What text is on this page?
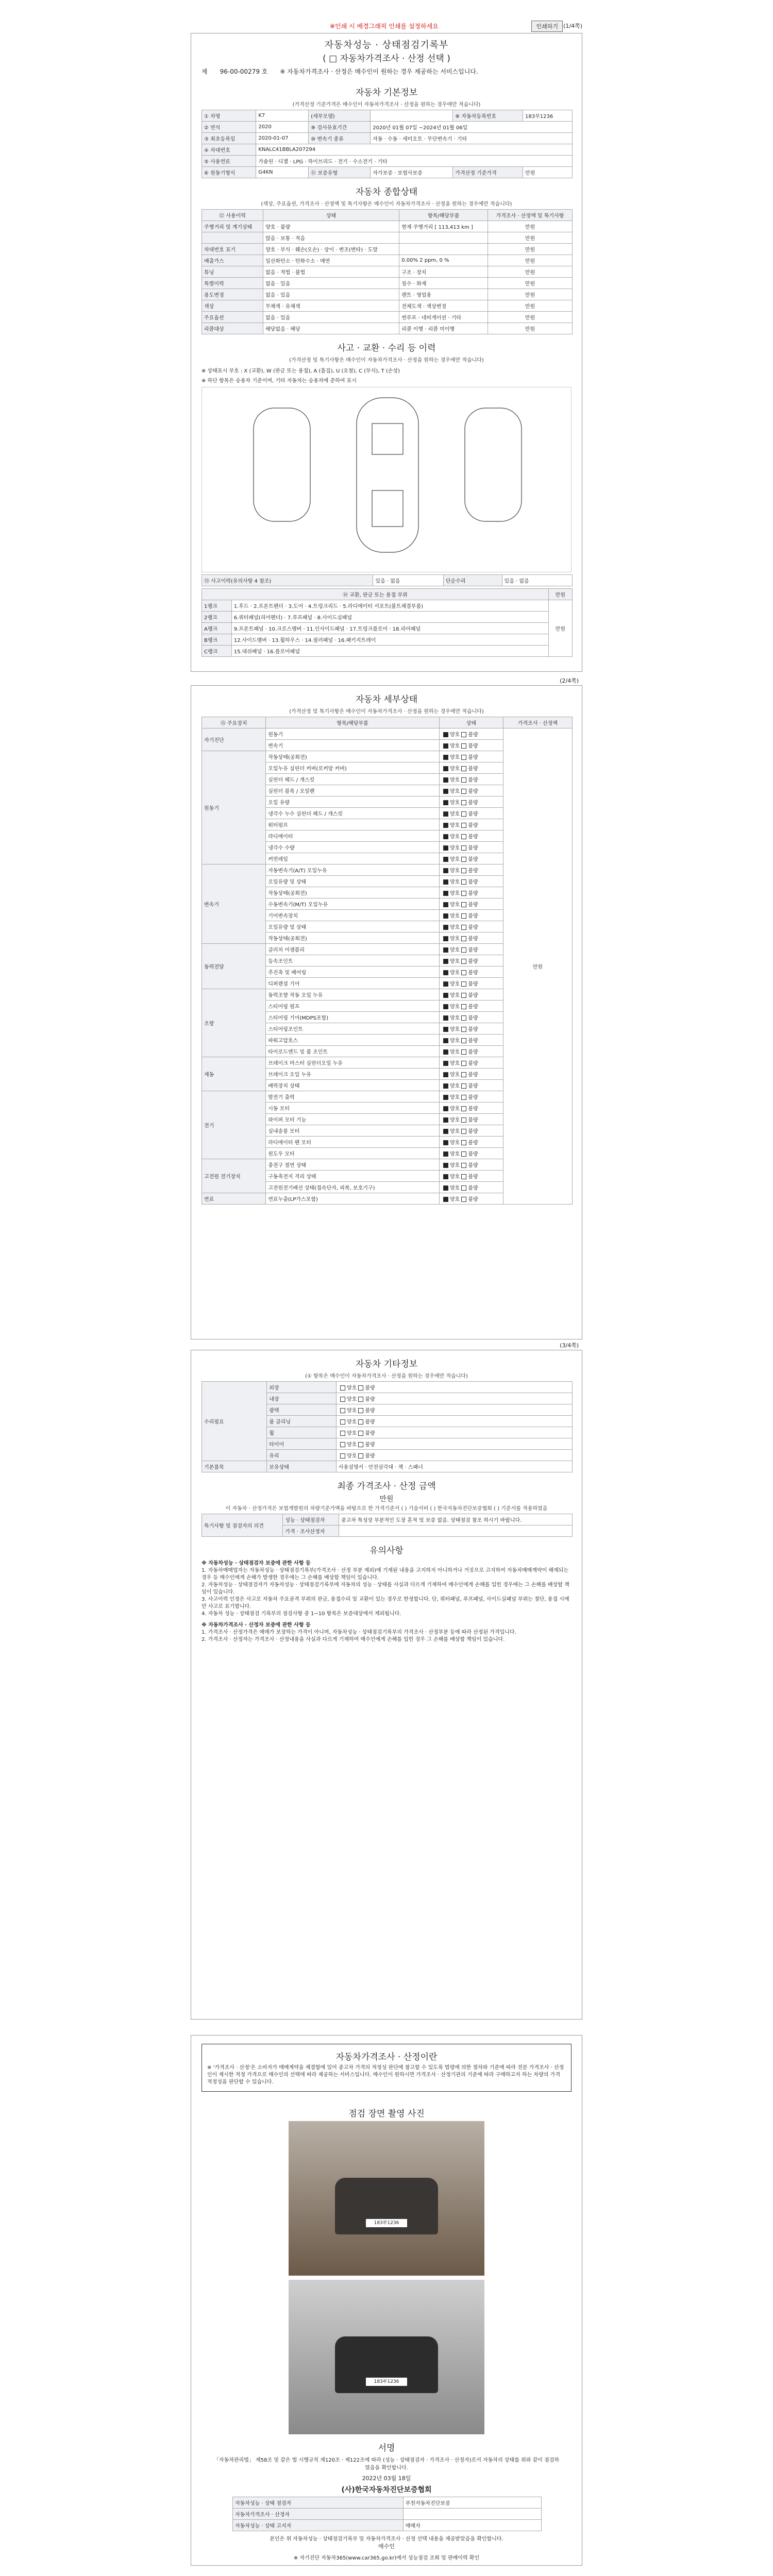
※인쇄 시 배경그래픽 인쇄를 설정하세요	인쇄하기 (1/4쪽)
자동차성능 · 상태점검기록부
( □ 자동차가격조사 · 산정 선택 )
제 96-00-00279 호 ※ 자동차가격조사 · 산정은 매수인이 원하는 경우 제공하는 서비스입니다.
자동차 기본정보
(가격산정 기준가격은 매수인이 자동차가격조사 · 산정을 원하는 경우에만 적습니다)
① 차명	K7	(세부모델)		⑧ 자동차등록번호	183부1236
② 연식	2020	⑨ 검사유효기간	2020년 01월 07일 ~2024년 01월 06일		
③ 최초등록일	2020-01-07	⑩ 변속기 종류	자동 · 수동 · 세미오토 · 무단변속기 · 기타		
④ 차대번호	KNALC41BBLA207294				
⑤ 사용연료	가솔린 · 디젤 · LPG · 하이브리드 · 전기 · 수소전기 · 기타				
⑥ 원동기형식	G4KN	⑪ 보증유형	자가보증 · 보험사보증	가격산정 기준가격	만원
자동차 종합상태
(색상, 주요옵션, 가격조사 · 산정액 및 특기사항은 매수인이 자동차가격조사 · 산정을 원하는 경우에만 적습니다)
⑫ 사용이력	상태	항목/해당부품	가격조사 · 산정액 및 특기사항
주행거리 및 계기상태	양호 · 불량	현재 주행거리 [ 113,413 km ]	만원
	많음 · 보통 · 적음		만원
차대번호 표기	양호 · 부식 · 훼손(오손) · 상이 · 변조(변타) · 도말		만원
배출가스	일산화탄소 · 탄화수소 · 매연	0.00% 2 ppm, 0 %	만원
튜닝	없음 · 적법 · 불법	구조 · 장치	만원
특별이력	없음 · 있음	침수 · 화재	만원
용도변경	없음 · 있음	렌트 · 영업용	만원
색상	무채색 · 유채색	전체도색 · 색상변경	만원
주요옵션	없음 · 있음	썬루프 · 네비게이션 · 기타	만원
리콜대상	해당없음 · 해당	리콜 이행 · 리콜 미이행	만원
사고 · 교환 · 수리 등 이력
(가격산정 및 특기사항은 매수인이 자동차가격조사 · 산정을 원하는 경우에만 적습니다)
※ 상태표시 부호 : X (교환), W (판금 또는 용접), A (흠집), U (요철), C (부식), T (손상)
※ 하단 항목은 승용차 기준이며, 기타 자동차는 승용차에 준하여 표시
⑬ 사고이력(유의사항 4 참조)	있음 · 없음	단순수리	있음 · 없음
⑭ 교환, 판금 또는 용접 부위		만원
1랭크	1.후드 · 2.프론트펜더 · 3.도어 · 4.트렁크리드 · 5.라디에이터 서포트(볼트체결부품)	만원
2랭크	6.쿼터패널(리어펜더) · 7.루프패널 · 8.사이드실패널	
A랭크	9.프론트패널 · 10.크로스멤버 · 11.인사이드패널 · 17.트렁크플로어 · 18.리어패널	
B랭크	12.사이드멤버 · 13.휠하우스 · 14.필러패널 · 16.패키지트레이	
C랭크	15.대쉬패널 · 16.플로어패널	
(2/4쪽)
자동차 세부상태
(가격산정 및 특기사항은 매수인이 자동차가격조사 · 산정을 원하는 경우에만 적습니다)
⑮ 주요장치	항목/해당부품	상태	가격조사 · 산정액
자기진단	원동기	양호 불량	만원
	변속기	양호 불량	
원동기	작동상태(공회전)	양호 불량	
	오일누유 실린더 커버(로커암 커버)	양호 불량	
	실린더 헤드 / 개스킷	양호 불량	
	실린더 블록 / 오일팬	양호 불량	
	오일 유량	양호 불량	
	냉각수 누수 실린더 헤드 / 개스킷	양호 불량	
	워터펌프	양호 불량	
	라디에이터	양호 불량	
	냉각수 수량	양호 불량	
	커먼레일	양호 불량	
변속기	자동변속기(A/T) 오일누유	양호 불량	
	오일유량 및 상태	양호 불량	
	작동상태(공회전)	양호 불량	
	수동변속기(M/T) 오일누유	양호 불량	
	기어변속장치	양호 불량	
	오일유량 및 상태	양호 불량	
	작동상태(공회전)	양호 불량	
동력전달	클러치 어셈블리	양호 불량	
	등속조인트	양호 불량	
	추진축 및 베어링	양호 불량	
	디퍼렌셜 기어	양호 불량	
조향	동력조향 작동 오일 누유	양호 불량	
	스티어링 펌프	양호 불량	
	스티어링 기어(MDPS포함)	양호 불량	
	스티어링조인트	양호 불량	
	파워고압호스	양호 불량	
	타이로드엔드 및 볼 조인트	양호 불량	
제동	브레이크 마스터 실린더오일 누유	양호 불량	
	브레이크 오일 누유	양호 불량	
	배력장치 상태	양호 불량	
전기	발전기 출력	양호 불량	
	시동 모터	양호 불량	
	와이퍼 모터 기능	양호 불량	
	실내송풍 모터	양호 불량	
	라디에이터 팬 모터	양호 불량	
	윈도우 모터	양호 불량	
고전원 전기장치	충전구 절연 상태	양호 불량	
	구동축전지 격리 상태	양호 불량	
	고전원전기배선 상태(접속단자, 피복, 보호기구)	양호 불량	
연료	연료누출(LP가스포함)	양호 불량	
(3/4쪽)
자동차 기타정보
(① 항목은 매수인이 자동차가격조사 · 산정을 원하는 경우에만 적습니다)
수리필요	외장	양호 불량
	내장	양호 불량
	광택	양호 불량
	룸 클리닝	양호 불량
	휠	양호 불량
	타이어	양호 불량
	유리	양호 불량
기본품목	보유상태	사용설명서 · 안전삼각대 · 잭 · 스패너
최종 가격조사 · 산정 금액
만원
이 자동차 · 산정가격은 보험개발원의 차량기준가액을 바탕으로 한 가격기준서 ( ) 기술서비 ( ) 한국자동차진단보증협회 ( ) 기준서를 적용하였음
특기사항 및 점검자의 의견	성능 · 상태점검자	중고차 특성상 부분적인 도장 흔적 및 보증 없음. 상태점검 참조 하시기 바랍니다.
	가격 · 조사산정자	
유의사항

※ 자동차성능 · 상태점검자 보증에 관한 사항 등

1. 자동차매매업자는 자동차성능 · 상태점검기록부(가격조사 · 산정 부분 제외)에 기재된 내용을 고지하지 아니하거나 거짓으로 고지하여 자동차매매계약이 해제되는 경우 등 매수인에게 손해가 발생한 경우에는 그 손해를 배상할 책임이 있습니다.

2. 자동차성능 · 상태점검자가 자동차성능 · 상태점검기록부에 자동차의 성능 · 상태를 사실과 다르게 기재하여 매수인에게 손해를 입힌 경우에는 그 손해를 배상할 책임이 있습니다.

3. 사고이력 인정은 사고로 자동차 주요골격 부위의 판금, 용접수리 및 교환이 있는 경우로 한정합니다. 단, 쿼터패널, 루프패널, 사이드실패널 부위는 절단, 용접 시에만 사고로 표기합니다.

4. 자동차 성능 · 상태점검 기록부의 점검사항 중 1~10 항목은 보증대상에서 제외됩니다.

※ 자동차가격조사 · 산정자 보증에 관한 사항 등

1. 가격조사 · 산정가격은 매매가 보장하는 가격이 아니며, 자동차성능 · 상태점검기록부의 가격조사 · 산정부분 등에 따라 산정된 가격입니다.

2. 가격조사 · 산정자는 가격조사 · 산정내용을 사실과 다르게 기재하여 매수인에게 손해를 입힌 경우 그 손해를 배상할 책임이 있습니다.

자동차가격조사 · 산정이란

※ '가격조사 · 산정'은 소비자가 매매계약을 체결함에 있어 중고차 가격의 적정성 판단에 참고할 수 있도록 법령에 의한 절차와 기준에 따라 전문 가격조사 · 산정인이 제시한 적정 가격으로 매수인의 선택에 따라 제공하는 서비스입니다. 매수인이 원하시면 가격조사 · 산정기관의 기준에 따라 구매하고자 하는 차량의 가격 적정성을 판단할 수 있습니다.

점검 장면 촬영 사진
183부1236
183부1236
서명

「자동차관리법」 제58조 및 같은 법 시행규칙 제120조 · 제122조에 따라 (성능 · 상태점검자 · 가격조사 · 산정자)로서 자동차의 상태를 위와 같이 점검하였음을 확인합니다.

2022년 03월 18일

(사)한국자동차진단보증협회

자동차성능 · 상태 점검자	부천자동차진단보증
자동차가격조사 · 산정자	
자동차성능 · 상태 고지자	매매자

본인은 위 자동차성능 · 상태점검기록부 및 자동차가격조사 · 산정 선택 내용을 제공받았음을 확인합니다.

매수인

※ 자기진단 자동차365(www.car365.go.kr)에서 성능점검 조회 및 판매이력 확인
